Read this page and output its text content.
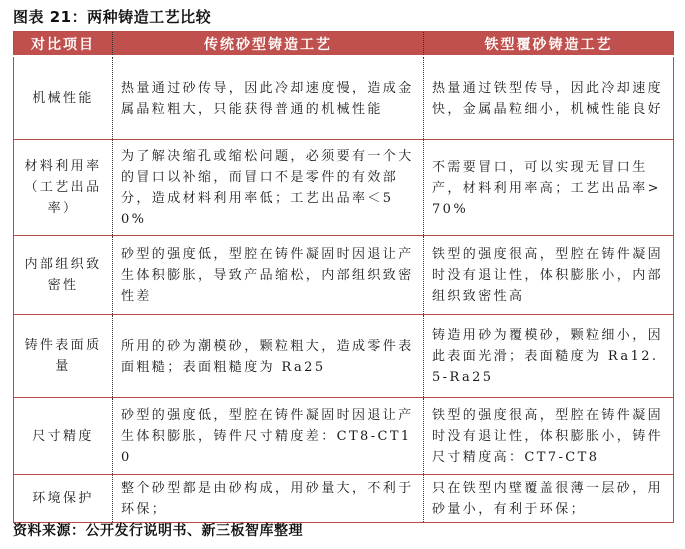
图表 21：两种铸造工艺比较
对比项目	传统砂型铸造工艺	铁型覆砂铸造工艺
机械性能	热量通过砂传导，因此冷却速度慢，造成金属晶粒粗大，只能获得普通的机械性能	热量通过铁型传导，因此冷却速度快，金属晶粒细小，机械性能良好
材料利用率（工艺出品率）	为了解决缩孔或缩松问题，必须要有一个大的冒口以补缩，而冒口不是零件的有效部分，造成材料利用率低；工艺出品率＜50%	不需要冒口，可以实现无冒口生产，材料利用率高；工艺出品率>70%
内部组织致密性	砂型的强度低，型腔在铸件凝固时因退让产生体积膨胀，导致产品缩松，内部组织致密性差	铁型的强度很高，型腔在铸件凝固时没有退让性，体积膨胀小，内部组织致密性高
铸件表面质量	所用的砂为潮模砂，颗粒粗大，造成零件表面粗糙；表面粗糙度为 Ra25	铸造用砂为覆模砂，颗粒细小，因此表面光滑；表面糙度为 Ra12.5-Ra25
尺寸精度	砂型的强度低，型腔在铸件凝固时因退让产生体积膨胀，铸件尺寸精度差：CT8-CT10	铁型的强度很高，型腔在铸件凝固时没有退让性，体积膨胀小，铸件尺寸精度高：CT7-CT8
环境保护	整个砂型都是由砂构成，用砂量大，不利于环保；	只在铁型内壁覆盖很薄一层砂，用砂量小，有利于环保；
资料来源：公开发行说明书、新三板智库整理
